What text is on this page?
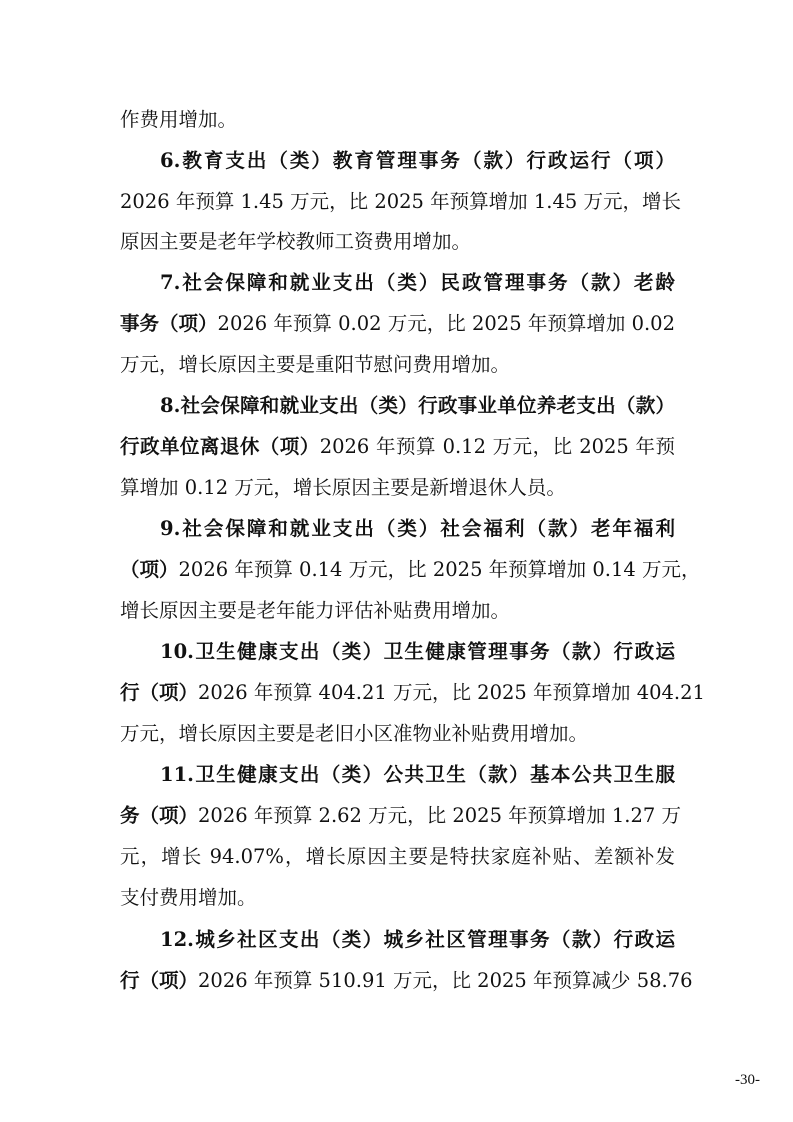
作费用增加。
6.教育支出（类）教育管理事务（款）行政运行（项）
2026 年预算 1.45 万元，比 2025 年预算增加 1.45 万元，增长
原因主要是老年学校教师工资费用增加。
7.社会保障和就业支出（类）民政管理事务（款）老龄
事务（项）2026 年预算 0.02 万元，比 2025 年预算增加 0.02
万元，增长原因主要是重阳节慰问费用增加。
8.社会保障和就业支出（类）行政事业单位养老支出（款）
行政单位离退休（项）2026 年预算 0.12 万元，比 2025 年预
算增加 0.12 万元，增长原因主要是新增退休人员。
9.社会保障和就业支出（类）社会福利（款）老年福利
（项）2026 年预算 0.14 万元，比 2025 年预算增加 0.14 万元，
增长原因主要是老年能力评估补贴费用增加。
10.卫生健康支出（类）卫生健康管理事务（款）行政运
行（项）2026 年预算 404.21 万元，比 2025 年预算增加 404.21
万元，增长原因主要是老旧小区准物业补贴费用增加。
11.卫生健康支出（类）公共卫生（款）基本公共卫生服
务（项）2026 年预算 2.62 万元，比 2025 年预算增加 1.27 万
元，增长 94.07%，增长原因主要是特扶家庭补贴、差额补发
支付费用增加。
12.城乡社区支出（类）城乡社区管理事务（款）行政运
行（项）2026 年预算 510.91 万元，比 2025 年预算减少 58.76
-30-
